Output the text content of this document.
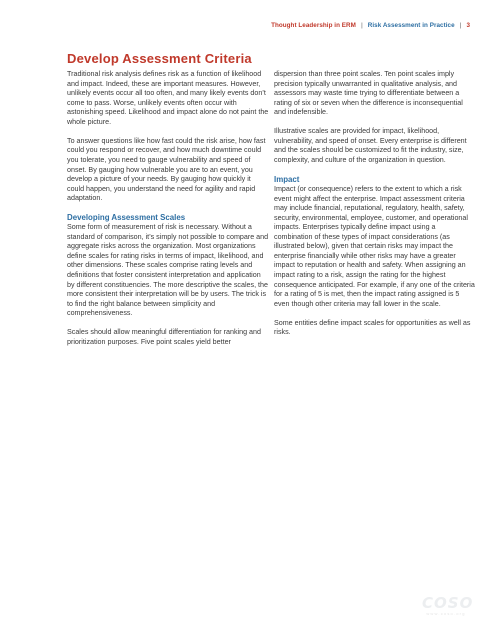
Thought Leadership in ERM | Risk Assessment in Practice | 3
Develop Assessment Criteria

Traditional risk analysis defines risk as a function of likelihood and impact. Indeed, these are important measures. However, unlikely events occur all too often, and many likely events don’t come to pass. Worse, unlikely events often occur with astonishing speed. Likelihood and impact alone do not paint the whole picture.

To answer questions like how fast could the risk arise, how fast could you respond or recover, and how much downtime could you tolerate, you need to gauge vulnerability and speed of onset. By gauging how vulnerable you are to an event, you develop a picture of your needs. By gauging how quickly it could happen, you understand the need for agility and rapid adaptation.

Developing Assessment Scales

Some form of measurement of risk is necessary. Without a standard of comparison, it’s simply not possible to compare and aggregate risks across the organization. Most organizations define scales for rating risks in terms of impact, likelihood, and other dimensions. These scales comprise rating levels and definitions that foster consistent interpretation and application by different constituencies. The more descriptive the scales, the more consistent their interpretation will be by users. The trick is to find the right balance between simplicity and comprehensiveness.

Scales should allow meaningful differentiation for ranking and prioritization purposes. Five point scales yield better

dispersion than three point scales. Ten point scales imply precision typically unwarranted in qualitative analysis, and assessors may waste time trying to differentiate between a rating of six or seven when the difference is inconsequential and indefensible.

Illustrative scales are provided for impact, likelihood, vulnerability, and speed of onset. Every enterprise is different and the scales should be customized to fit the industry, size, complexity, and culture of the organization in question.

Impact

Impact (or consequence) refers to the extent to which a risk event might affect the enterprise. Impact assessment criteria may include financial, reputational, regulatory, health, safety, security, environmental, employee, customer, and operational impacts. Enterprises typically define impact using a combination of these types of impact considerations (as illustrated below), given that certain risks may impact the enterprise financially while other risks may have a greater impact to reputation or health and safety. When assigning an impact rating to a risk, assign the rating for the highest consequence anticipated. For example, if any one of the criteria for a rating of 5 is met, then the impact rating assigned is 5 even though other criteria may fall lower in the scale.

Some entities define impact scales for opportunities as well as risks.

COSO
www.coso.org
